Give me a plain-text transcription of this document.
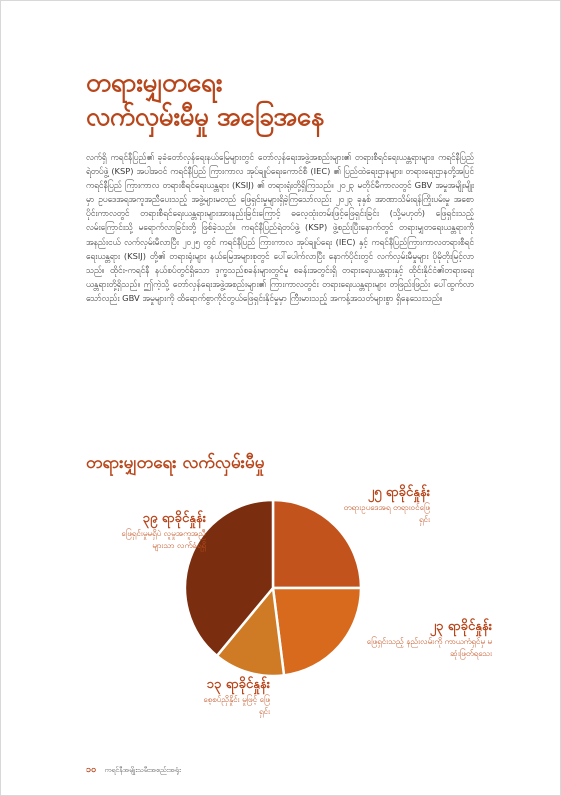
တရားမျှတရေး
လက်လှမ်းမီမှု အခြေအနေ
လက်ရှိ ကရင်နီပြည်၏ ခုခံတော်လှန်ရေးနယ်မြေများတွင် တော်လှန်ရေးအဖွဲ့အစည်းများ၏ တရားစီရင်ရေးယန္တရားများ၊ ကရင်နီပြည်ရဲတပ်ဖွဲ့ (KSP) အပါအဝင် ကရင်နီပြည် ကြားကာလ အုပ်ချုပ်ရေးကောင်စီ (IEC) ၏ ပြည်ထဲရေးဌာနများ၊ တရားရေးဌာနတို့အပြင် ကရင်နီပြည် ကြားကာလ တရားစီရင်ရေးယန္တရား (KSIJ) ၏ တရားရုံးတို့ရှိကြသည်။ ၂၀၂၃ မတိုင်မီကာလတွင် GBV အမှုအမျိုးမျိုးမှာ ဥပဒေအရအကူအညီပေးသည့် အဖွဲ့များမတည် ဖြေရှင်းမှုများရှိခဲ့ကြသော်လည်း ၂၀၂၃ ခုနှစ် အာဏာသိမ်းရန်ကြိုးပမ်းမှု အစောပိုင်းကာလတွင် တရားစီရင်ရေးယန္တရားများအားနည်းခြင်းကြောင့် ဓလေ့ထုံးတမ်းဖြင့်ဖြေရှင်းခြင်း (သို့မဟုတ်) ဖြေရှင်းသည့်လမ်းကြောင်းသို့ မရောက်လာခြင်းတို့ ဖြစ်ခဲ့သည်။ ကရင်နီပြည်ရဲတပ်ဖွဲ့ (KSP) ဖွဲ့စည်းပြီးနောက်တွင် တရားမျှတရေးယန္တရားကို အနည်းငယ် လက်လှမ်းမီလာပြီး ၂၀၂၅ တွင် ကရင်နီပြည် ကြားကာလ အုပ်ချုပ်ရေး (IEC) နှင့် ကရင်နီပြည်ကြားကာလတရားစီရင်ရေးယန္တရား (KSIJ) တို့၏ တရားရုံးများ နယ်မြေအများစုတွင် ပေါ်ပေါက်လာပြီး နောက်ပိုင်းတွင် လက်လှမ်းမီမှုများ ပိုမိုတိုးမြင့်လာသည်။ ထိုင်း-ကရင်နီ နယ်စပ်တွင်ရှိသော ဒုက္ခသည်စခန်းများတွင်မူ စခန်းအတွင်းရှိ တရားရေးယန္တရားနှင့် ထိုင်းနိုင်ငံ၏တရားရေး ယန္တရားတို့ရှိသည်။ ဤကဲ့သို့ တော်လှန်ရေးအဖွဲ့အစည်းများ၏ ကြားကာလတွင်း တရားရေးယန္တရားများ တဖြည်းဖြည်း ပေါ်ထွက်လာသော်လည်း GBV အမှုများကို ထိရောက်စွာကိုင်တွယ်ဖြေရှင်းနိုင်မှုမှာ ကြီးမားသည့် အကန့်အသတ်များစွာ ရှိနေသေးသည်။
တရားမျှတရေး လက်လှမ်းမီမှု
၂၅ ရာခိုင်နှုန်း
တရားဥပဒေအရ တရားဝင်ဖြေရှင်း
၂၃ ရာခိုင်နှုန်း
ဖြေရှင်းသည့် နည်းလမ်းကို ကာယကံရှင်မှ မဆုံးဖြတ်ရသေး
၁၃ ရာခိုင်နှုန်း
စေ့စပ်ညှိနှိုင်း မှုဖြင့် ဖြေရှင်း
၃၉ ရာခိုင်နှုန်း
ဖြေရှင်းမှုမရှိပဲ လူမှုအကူအညီများသာ လက်ခံရရှိ
၁၀ ကရင်နီအမျိုးသမီးအစည်းအရုံး
